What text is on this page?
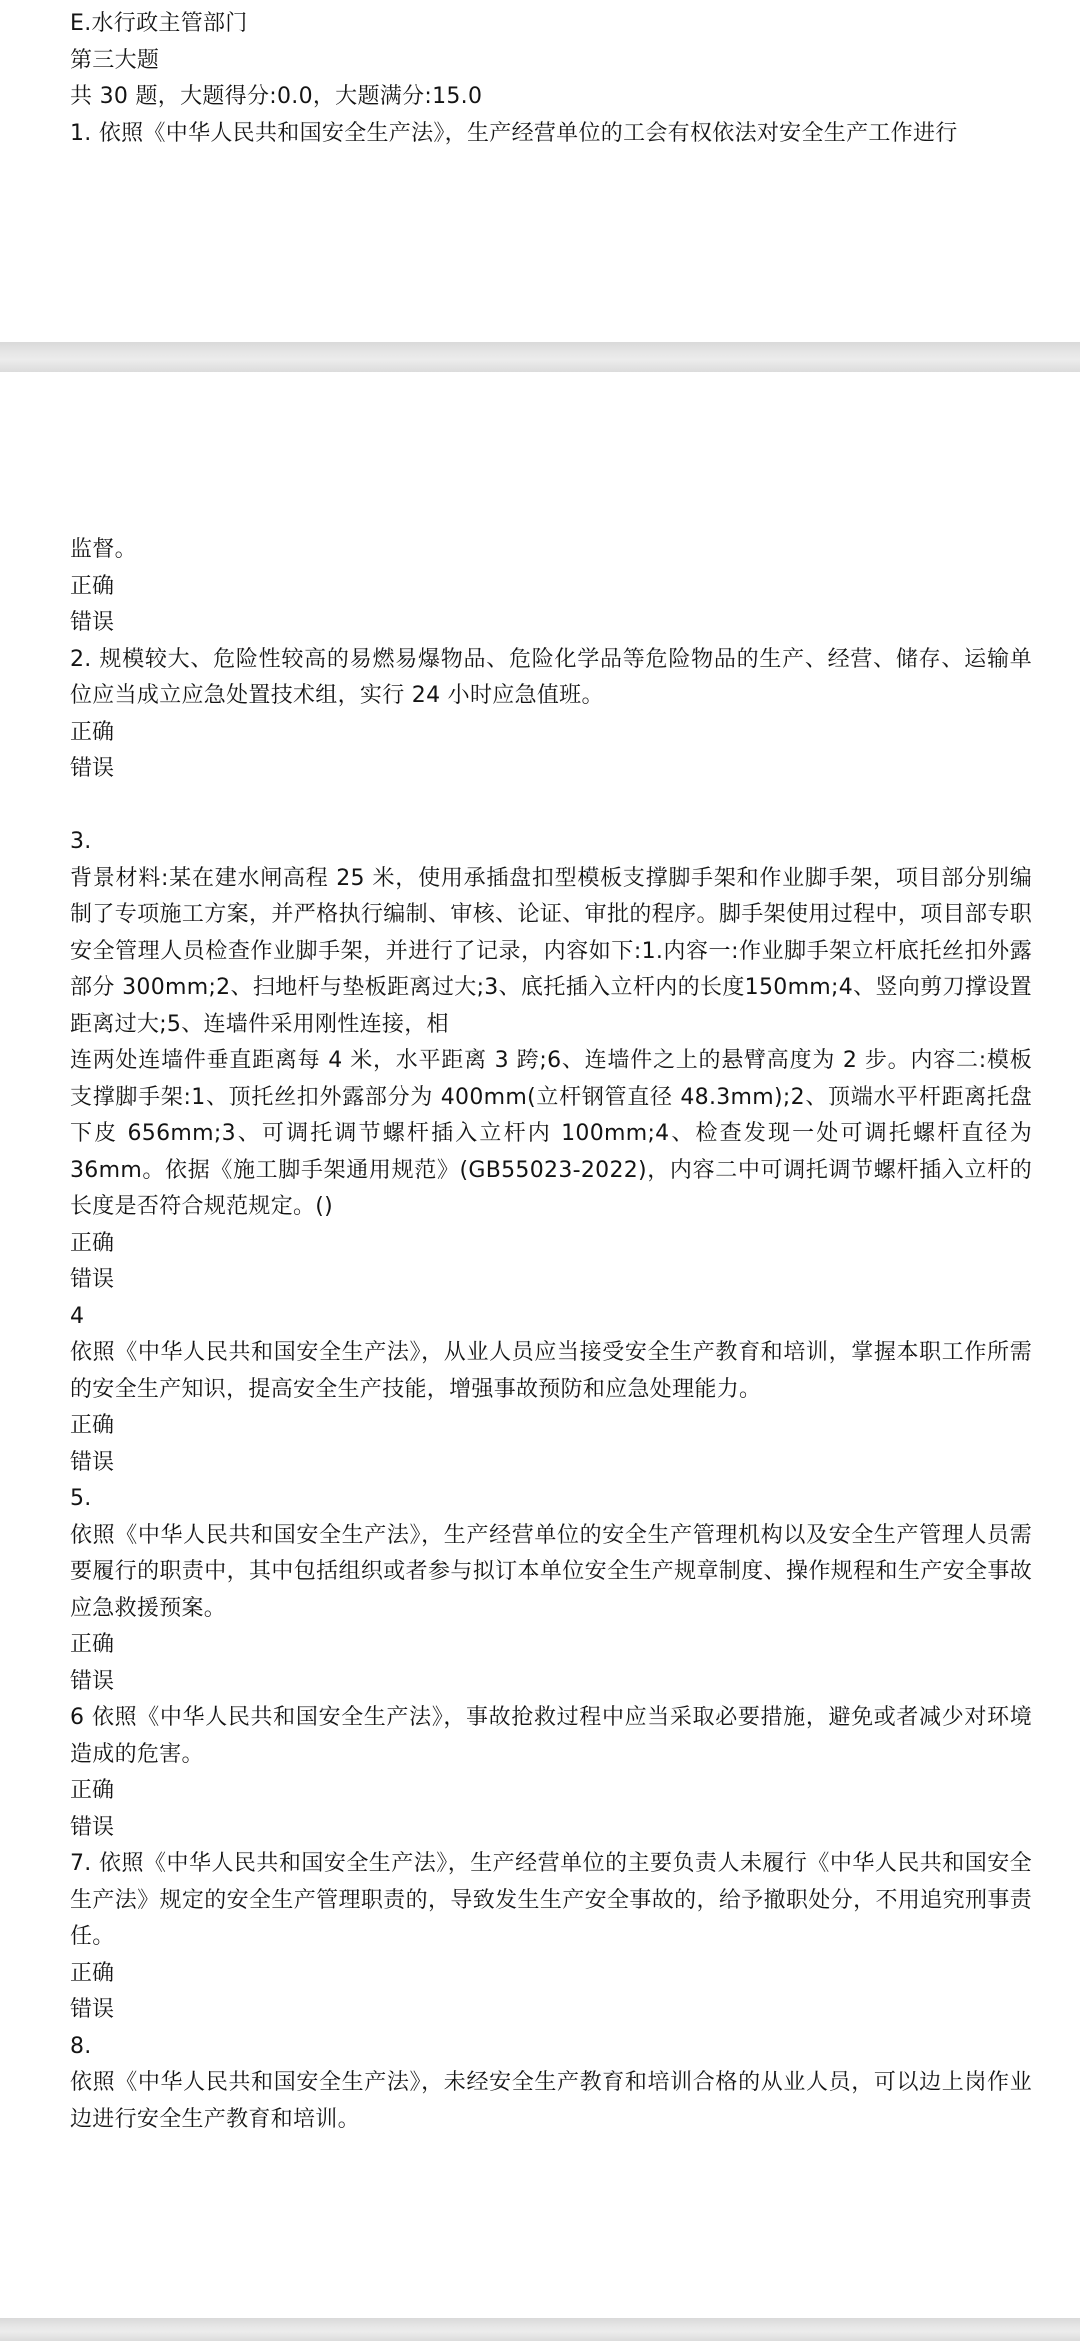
E.水行政主管部门
第三大题
共 30 题，大题得分:0.0，大题满分:15.0
1. 依照《中华人民共和国安全生产法》，生产经营单位的工会有权依法对安全生产工作进行
监督。
正确
错误
2. 规模较大、危险性较高的易燃易爆物品、危险化学品等危险物品的生产、经营、储存、运输单位应当成立应急处置技术组，实行 24 小时应急值班。
正确
错误
3.
背景材料:某在建水闸高程 25 米，使用承插盘扣型模板支撑脚手架和作业脚手架，项目部分别编制了专项施工方案，并严格执行编制、审核、论证、审批的程序。脚手架使用过程中，项目部专职安全管理人员检查作业脚手架，并进行了记录，内容如下:1.内容一:作业脚手架立杆底托丝扣外露部分 300mm;2、扫地杆与垫板距离过大;3、底托插入立杆内的长度150mm;4、竖向剪刀撑设置距离过大;5、连墙件采用刚性连接，相
连两处连墙件垂直距离每 4 米，水平距离 3 跨;6、连墙件之上的悬臂高度为 2 步。内容二:模板支撑脚手架:1、顶托丝扣外露部分为 400mm(立杆钢管直径 48.3mm);2、顶端水平杆距离托盘下皮 656mm;3、可调托调节螺杆插入立杆内 100mm;4、检查发现一处可调托螺杆直径为 36mm。依据《施工脚手架通用规范》(GB55023-2022)，内容二中可调托调节螺杆插入立杆的长度是否符合规范规定。()
正确
错误
4
依照《中华人民共和国安全生产法》，从业人员应当接受安全生产教育和培训，掌握本职工作所需的安全生产知识，提高安全生产技能，增强事故预防和应急处理能力。
正确
错误
5.
依照《中华人民共和国安全生产法》，生产经营单位的安全生产管理机构以及安全生产管理人员需要履行的职责中，其中包括组织或者参与拟订本单位安全生产规章制度、操作规程和生产安全事故应急救援预案。
正确
错误
6 依照《中华人民共和国安全生产法》，事故抢救过程中应当采取必要措施，避免或者减少对环境造成的危害。
正确
错误
7. 依照《中华人民共和国安全生产法》，生产经营单位的主要负责人未履行《中华人民共和国安全生产法》规定的安全生产管理职责的，导致发生生产安全事故的，给予撤职处分，不用追究刑事责任。
正确
错误
8.
依照《中华人民共和国安全生产法》，未经安全生产教育和培训合格的从业人员，可以边上岗作业边进行安全生产教育和培训。
